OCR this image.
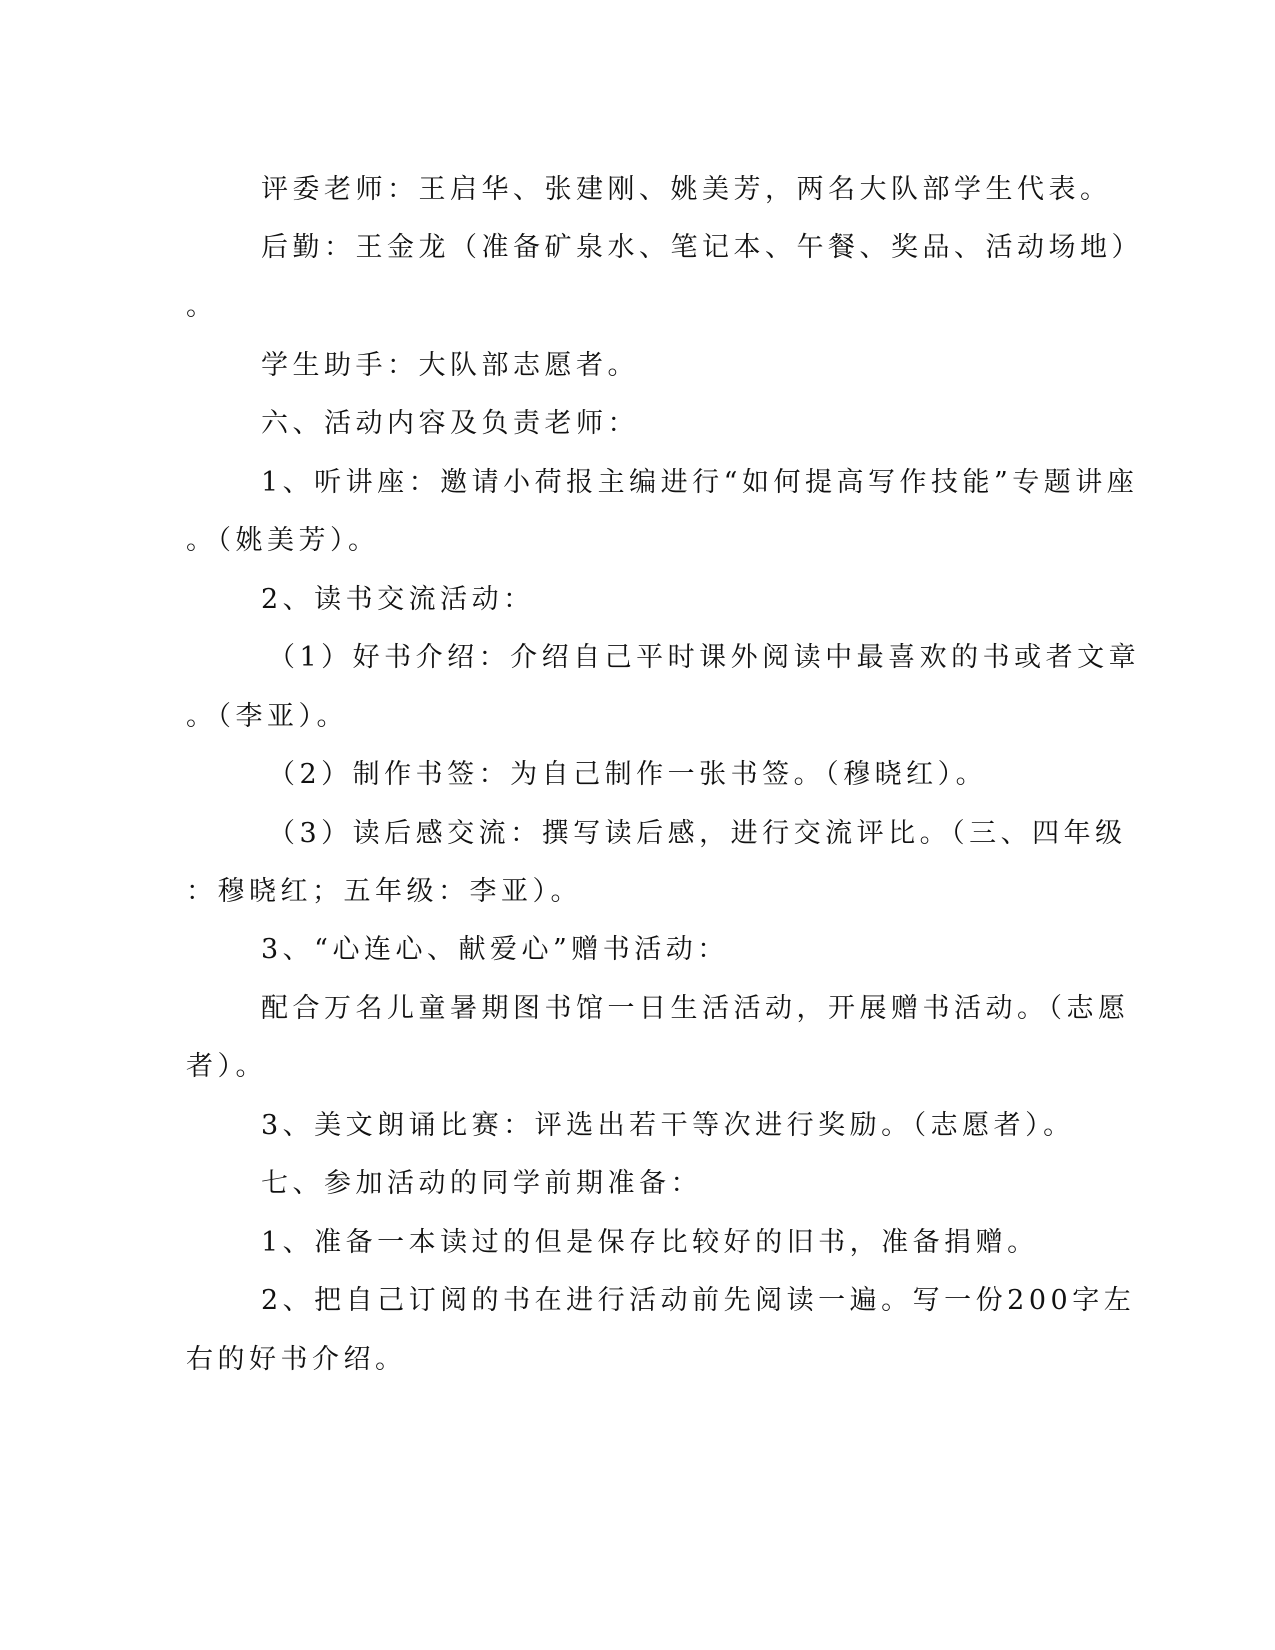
评委老师：王启华、张建刚、姚美芳，两名大队部学生代表。
后勤：王金龙（准备矿泉水、笔记本、午餐、奖品、活动场地）
。
学生助手：大队部志愿者。
六、活动内容及负责老师：
1、听讲座：邀请小荷报主编进行“如何提高写作技能”专题讲座
。（姚美芳）。
2、读书交流活动：
（1）好书介绍：介绍自己平时课外阅读中最喜欢的书或者文章
。（李亚）。
（2）制作书签：为自己制作一张书签。（穆晓红）。
（3）读后感交流：撰写读后感，进行交流评比。（三、四年级
：穆晓红；五年级：李亚）。
3、“心连心、献爱心”赠书活动：
配合万名儿童暑期图书馆一日生活活动，开展赠书活动。（志愿
者）。
3、美文朗诵比赛：评选出若干等次进行奖励。（志愿者）。
七、参加活动的同学前期准备：
1、准备一本读过的但是保存比较好的旧书，准备捐赠。
2、把自己订阅的书在进行活动前先阅读一遍。写一份200字左
右的好书介绍。
